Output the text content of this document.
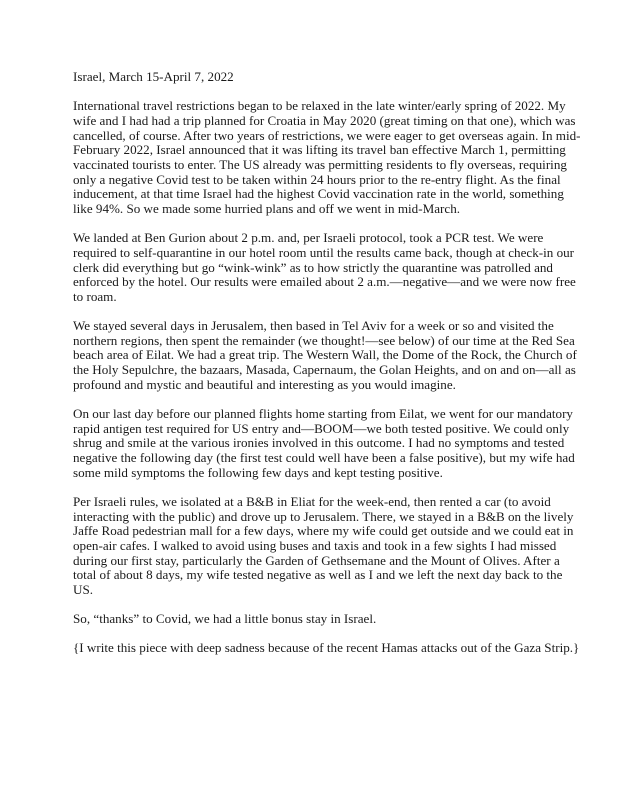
Israel, March 15-April 7, 2022

International travel restrictions began to be relaxed in the late winter/early spring of 2022. My
wife and I had had a trip planned for Croatia in May 2020 (great timing on that one), which was
cancelled, of course. After two years of restrictions, we were eager to get overseas again. In mid-
February 2022, Israel announced that it was lifting its travel ban effective March 1, permitting
vaccinated tourists to enter. The US already was permitting residents to fly overseas, requiring
only a negative Covid test to be taken within 24 hours prior to the re-entry flight. As the final
inducement, at that time Israel had the highest Covid vaccination rate in the world, something
like 94%. So we made some hurried plans and off we went in mid-March.

We landed at Ben Gurion about 2 p.m. and, per Israeli protocol, took a PCR test. We were
required to self-quarantine in our hotel room until the results came back, though at check-in our
clerk did everything but go “wink-wink” as to how strictly the quarantine was patrolled and
enforced by the hotel. Our results were emailed about 2 a.m.—negative—and we were now free
to roam.

We stayed several days in Jerusalem, then based in Tel Aviv for a week or so and visited the
northern regions, then spent the remainder (we thought!—see below) of our time at the Red Sea
beach area of Eilat. We had a great trip. The Western Wall, the Dome of the Rock, the Church of
the Holy Sepulchre, the bazaars, Masada, Capernaum, the Golan Heights, and on and on—all as
profound and mystic and beautiful and interesting as you would imagine.

On our last day before our planned flights home starting from Eilat, we went for our mandatory
rapid antigen test required for US entry and—BOOM—we both tested positive. We could only
shrug and smile at the various ironies involved in this outcome. I had no symptoms and tested
negative the following day (the first test could well have been a false positive), but my wife had
some mild symptoms the following few days and kept testing positive.

Per Israeli rules, we isolated at a B&B in Eliat for the week-end, then rented a car (to avoid
interacting with the public) and drove up to Jerusalem. There, we stayed in a B&B on the lively
Jaffe Road pedestrian mall for a few days, where my wife could get outside and we could eat in
open-air cafes. I walked to avoid using buses and taxis and took in a few sights I had missed
during our first stay, particularly the Garden of Gethsemane and the Mount of Olives. After a
total of about 8 days, my wife tested negative as well as I and we left the next day back to the
US.

So, “thanks” to Covid, we had a little bonus stay in Israel.

{I write this piece with deep sadness because of the recent Hamas attacks out of the Gaza Strip.}
